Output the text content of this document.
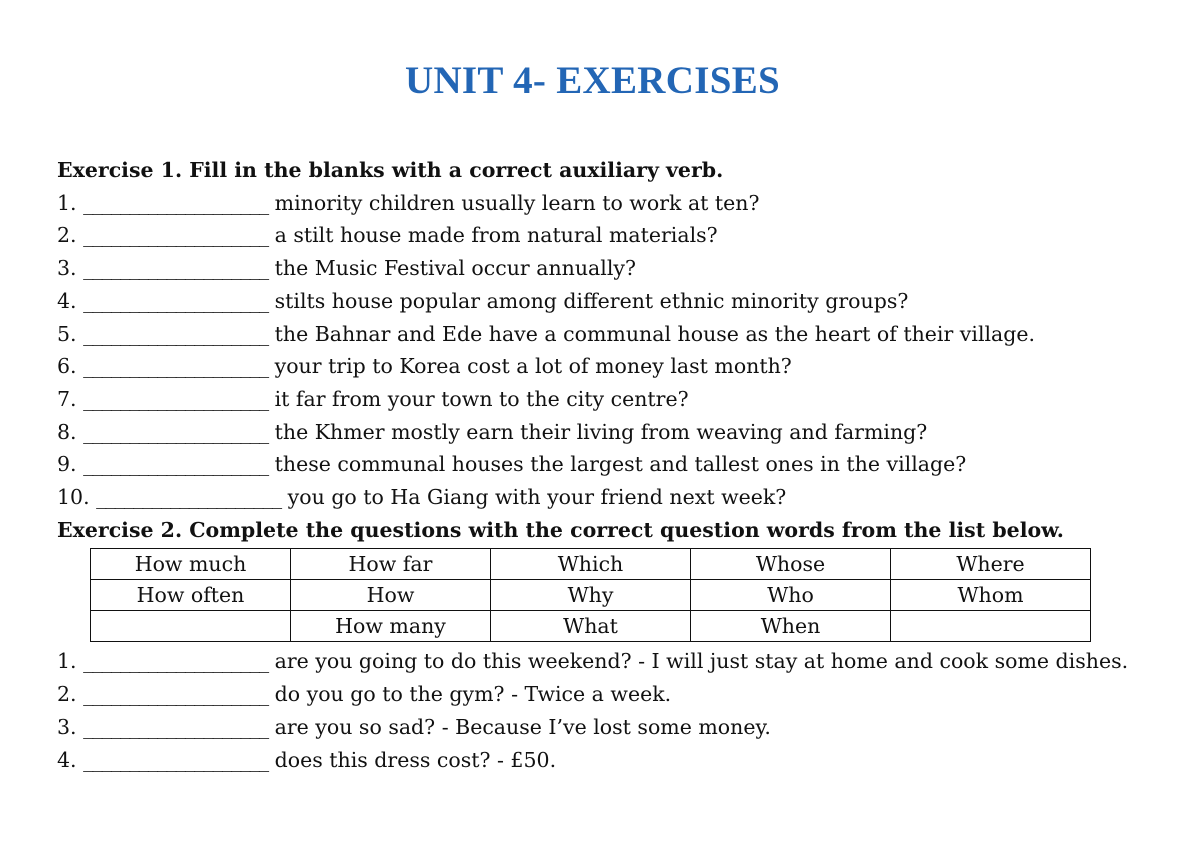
UNIT 4- EXERCISES
Exercise 1. Fill in the blanks with a correct auxiliary verb.
1. ____________________ minority children usually learn to work at ten?
2. ____________________ a stilt house made from natural materials?
3. ____________________ the Music Festival occur annually?
4. ____________________ stilts house popular among different ethnic minority groups?
5. ____________________ the Bahnar and Ede have a communal house as the heart of their village.
6. ____________________ your trip to Korea cost a lot of money last month?
7. ____________________ it far from your town to the city centre?
8. ____________________ the Khmer mostly earn their living from weaving and farming?
9. ____________________ these communal houses the largest and tallest ones in the village?
10. ____________________ you go to Ha Giang with your friend next week?
Exercise 2. Complete the questions with the correct question words from the list below.
How much	How far	Which	Whose	Where
How often	How	Why	Who	Whom
	How many	What	When	
1. ____________________ are you going to do this weekend? - I will just stay at home and cook some dishes.
2. ____________________ do you go to the gym? - Twice a week.
3. ____________________ are you so sad? - Because I’ve lost some money.
4. ____________________ does this dress cost? - £50.
